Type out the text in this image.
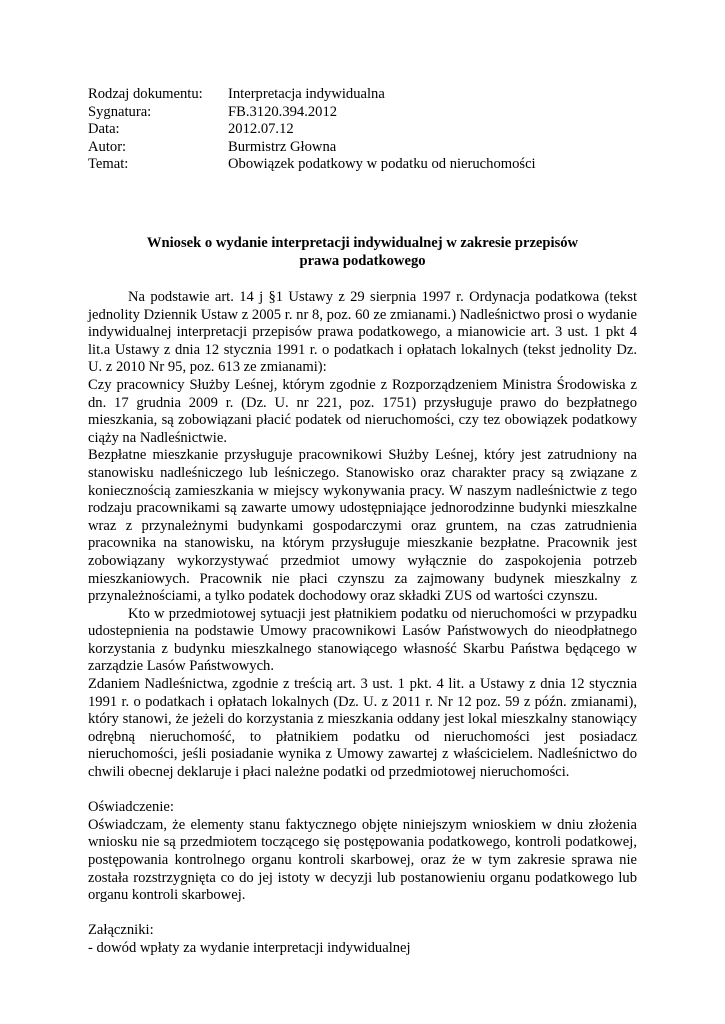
Rodzaj dokumentu:	Interpretacja indywidualna
Sygnatura:	FB.3120.394.2012
Data:	2012.07.12
Autor:	Burmistrz Głowna
Temat:	Obowiązek podatkowy w podatku od nieruchomości
Wniosek o wydanie interpretacji indywidualnej w zakresie przepisów
prawa podatkowego

Na podstawie art. 14 j §1 Ustawy z 29 sierpnia 1997 r. Ordynacja podatkowa (tekst jednolity Dziennik Ustaw z 2005 r. nr 8, poz. 60 ze zmianami.) Nadleśnictwo prosi o wydanie indywidualnej interpretacji przepisów prawa podatkowego, a mianowicie art. 3 ust. 1 pkt 4 lit.a Ustawy z dnia 12 stycznia 1991 r. o podatkach i opłatach lokalnych (tekst jednolity Dz. U. z 2010 Nr 95, poz. 613 ze zmianami):

Czy pracownicy Służby Leśnej, którym zgodnie z Rozporządzeniem Ministra Środowiska z dn. 17 grudnia 2009 r. (Dz. U. nr 221, poz. 1751) przysługuje prawo do bezpłatnego mieszkania, są zobowiązani płacić podatek od nieruchomości, czy tez obowiązek podatkowy ciąży na Nadleśnictwie.

Bezpłatne mieszkanie przysługuje pracownikowi Służby Leśnej, który jest zatrudniony na stanowisku nadleśniczego lub leśniczego. Stanowisko oraz charakter pracy są związane z koniecznością zamieszkania w miejscy wykonywania pracy. W naszym nadleśnictwie z tego rodzaju pracownikami są zawarte umowy udostępniające jednorodzinne budynki mieszkalne wraz z przynależnymi budynkami gospodarczymi oraz gruntem, na czas zatrudnienia pracownika na stanowisku, na którym przysługuje mieszkanie bezpłatne. Pracownik jest zobowiązany wykorzystywać przedmiot umowy wyłącznie do zaspokojenia potrzeb mieszkaniowych. Pracownik nie płaci czynszu za zajmowany budynek mieszkalny z przynależnościami, a tylko podatek dochodowy oraz składki ZUS od wartości czynszu.

Kto w przedmiotowej sytuacji jest płatnikiem podatku od nieruchomości w przypadku udostepnienia na podstawie Umowy pracownikowi Lasów Państwowych do nieodpłatnego korzystania z budynku mieszkalnego stanowiącego własność Skarbu Państwa będącego w zarządzie Lasów Państwowych.

Zdaniem Nadleśnictwa, zgodnie z treścią art. 3 ust. 1 pkt. 4 lit. a Ustawy z dnia 12 stycznia 1991 r. o podatkach i opłatach lokalnych (Dz. U. z 2011 r. Nr 12 poz. 59 z późn. zmianami), który stanowi, że jeżeli do korzystania z mieszkania oddany jest lokal mieszkalny stanowiący odrębną nieruchomość, to płatnikiem podatku od nieruchomości jest posiadacz nieruchomości, jeśli posiadanie wynika z Umowy zawartej z właścicielem. Nadleśnictwo do chwili obecnej deklaruje i płaci należne podatki od przedmiotowej nieruchomości.

Oświadczenie:

Oświadczam, że elementy stanu faktycznego objęte niniejszym wnioskiem w dniu złożenia wniosku nie są przedmiotem toczącego się postępowania podatkowego, kontroli podatkowej, postępowania kontrolnego organu kontroli skarbowej, oraz że w tym zakresie sprawa nie została rozstrzygnięta co do jej istoty w decyzji lub postanowieniu organu podatkowego lub organu kontroli skarbowej.

Załączniki:

- dowód wpłaty za wydanie interpretacji indywidualnej
